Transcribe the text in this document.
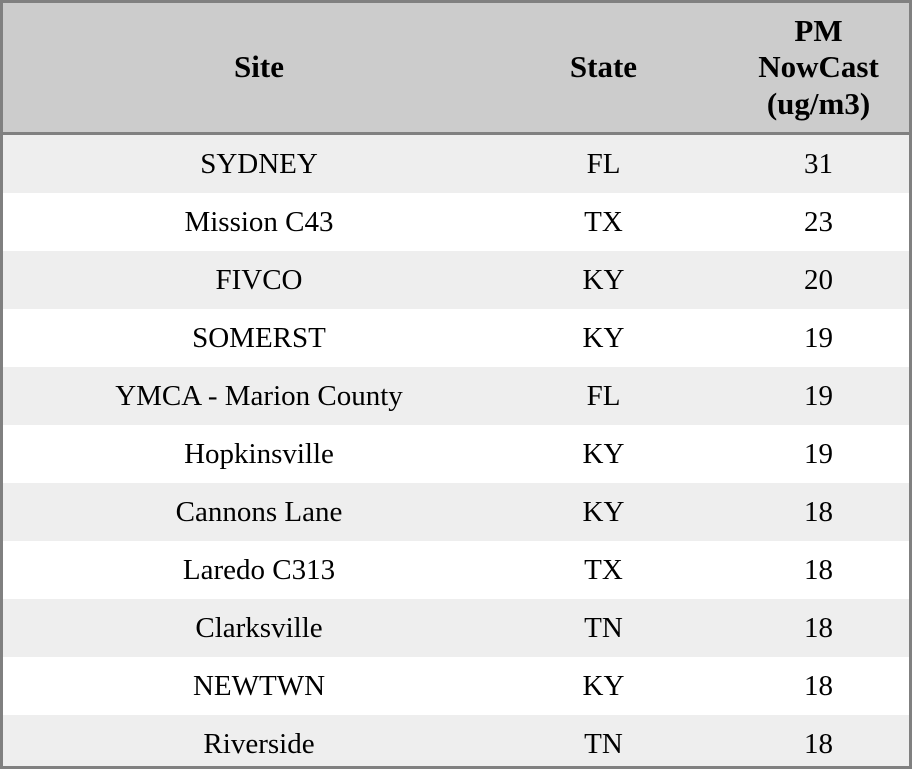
Site	State	PM
NowCast
(ug/m3)

SYDNEY	FL	31
Mission C43	TX	23
FIVCO	KY	20
SOMERST	KY	19
YMCA - Marion County	FL	19
Hopkinsville	KY	19
Cannons Lane	KY	18
Laredo C313	TX	18
Clarksville	TN	18
NEWTWN	KY	18
Riverside	TN	18
